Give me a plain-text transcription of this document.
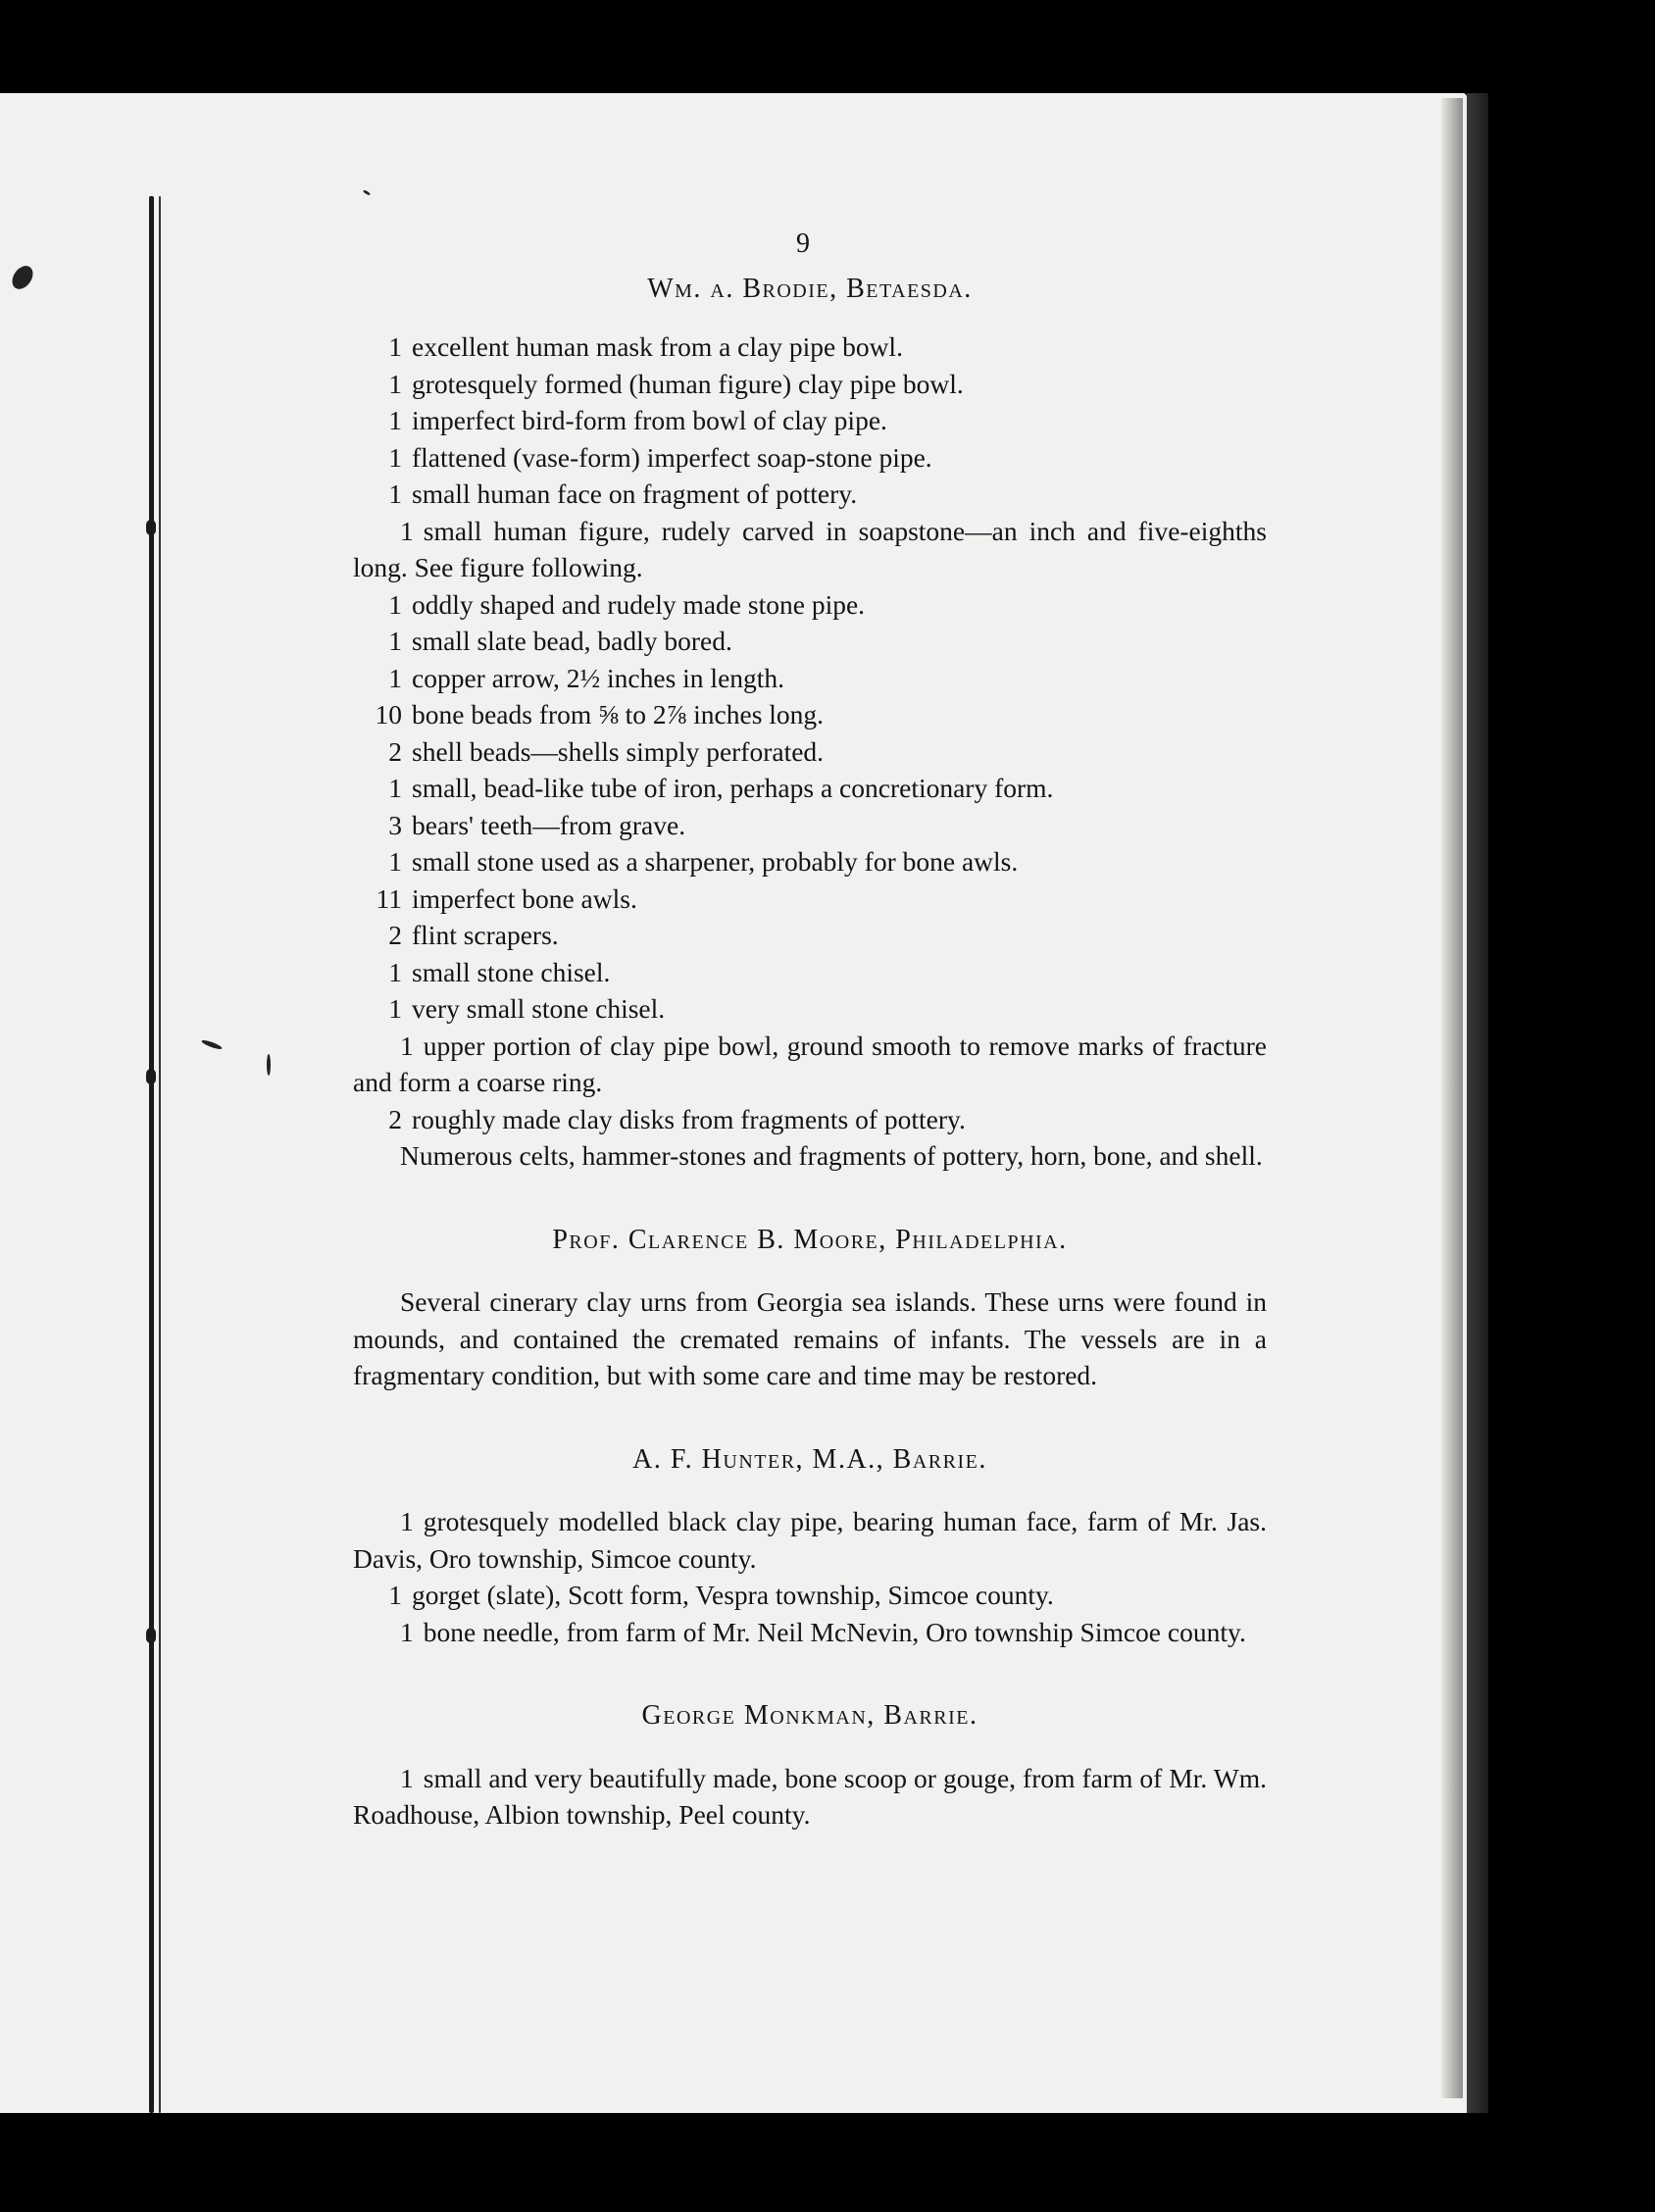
9
Wm. a. Brodie, Betaesda.
1 excellent human mask from a clay pipe bowl.
1 grotesquely formed (human figure) clay pipe bowl.
1 imperfect bird-form from bowl of clay pipe.
1 flattened (vase-form) imperfect soap-stone pipe.
1 small human face on fragment of pottery.
1 small human figure, rudely carved in soapstone—an inch and five-eighths long. See figure following.
1 oddly shaped and rudely made stone pipe.
1 small slate bead, badly bored.
1 copper arrow, 2½ inches in length.
10 bone beads from ⅝ to 2⅞ inches long.
2 shell beads—shells simply perforated.
1 small, bead-like tube of iron, perhaps a concretionary form.
3 bears' teeth—from grave.
1 small stone used as a sharpener, probably for bone awls.
11 imperfect bone awls.
2 flint scrapers.
1 small stone chisel.
1 very small stone chisel.
1 upper portion of clay pipe bowl, ground smooth to remove marks of fracture and form a coarse ring.
2 roughly made clay disks from fragments of pottery.

Numerous celts, hammer-stones and fragments of pottery, horn, bone, and shell.

Prof. Clarence B. Moore, Philadelphia.

Several cinerary clay urns from Georgia sea islands. These urns were found in mounds, and contained the cremated remains of infants. The vessels are in a fragmentary condition, but with some care and time may be restored.

A. F. Hunter, M.A., Barrie.
1 grotesquely modelled black clay pipe, bearing human face, farm of Mr. Jas. Davis, Oro township, Simcoe county.
1 gorget (slate), Scott form, Vespra township, Simcoe county.
1 bone needle, from farm of Mr. Neil McNevin, Oro township Simcoe county.
George Monkman, Barrie.
1 small and very beautifully made, bone scoop or gouge, from farm of Mr. Wm. Roadhouse, Albion township, Peel county.
